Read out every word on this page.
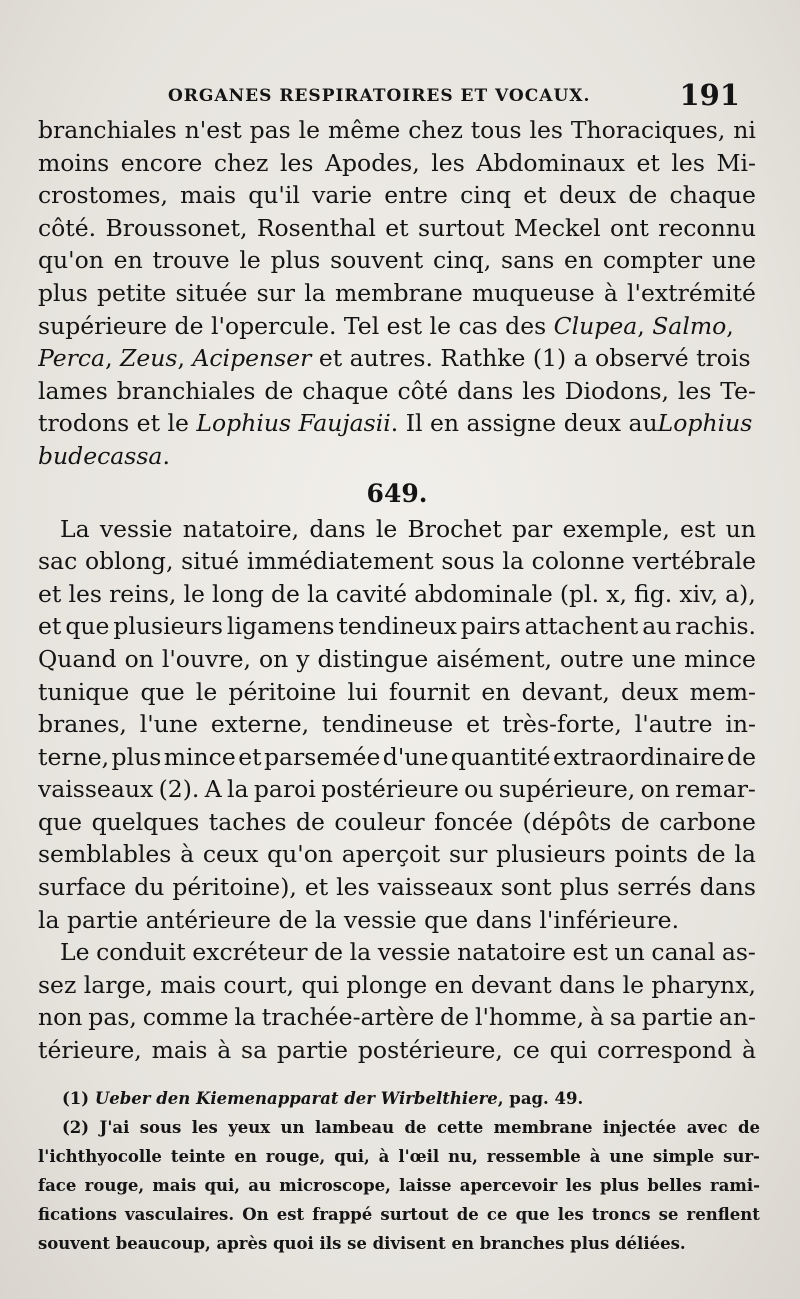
ORGANES RESPIRATOIRES ET VOCAUX.	191
branchiales n'est pas le même chez tous les Thoraciques, ni
moins encore chez les Apodes, les Abdominaux et les Mi-
crostomes, mais qu'il varie entre cinq et deux de chaque
côté. Broussonet, Rosenthal et surtout Meckel ont reconnu
qu'on en trouve le plus souvent cinq, sans en compter une
plus petite située sur la membrane muqueuse à l'extrémité
supérieure de l'opercule. Tel est le cas des
Clupea , Salmo ,
Perca , Zeus , Acipenser et autres. Rathke (1) a observé trois
lames branchiales de chaque côté dans les Diodons, les Te-
trodons et le Lophius Faujasii . Il en assigne deux au Lophius
budecassa .
649.
La vessie natatoire, dans le Brochet par exemple, est un
sac oblong, situé immédiatement sous la colonne vertébrale
et les reins, le long de la cavité abdominale (pl. x, fig. xiv, a),
et que plusieurs ligamens tendineux pairs attachent au rachis.
Quand on l'ouvre, on y distingue aisément, outre une mince
tunique que le péritoine lui fournit en devant, deux mem-
branes, l'une externe, tendineuse et très-forte, l'autre in-
terne, plus mince et parsemée d'une quantité extraordinaire de
vaisseaux (2). A la paroi postérieure ou supérieure, on remar-
que quelques taches de couleur foncée (dépôts de carbone
semblables à ceux qu'on aperçoit sur plusieurs points de la
surface du péritoine), et les vaisseaux sont plus serrés dans
la partie antérieure de la vessie que dans l'inférieure.
Le conduit excréteur de la vessie natatoire est un canal as-
sez large, mais court, qui plonge en devant dans le pharynx,
non pas, comme la trachée-artère de l'homme, à sa partie an-
térieure, mais à sa partie postérieure, ce qui correspond à
(1) Ueber den Kiemenapparat der Wirbelthiere , pag. 49.
(2) J'ai sous les yeux un lambeau de cette membrane injectée avec de
l'ichthyocolle teinte en rouge, qui, à l'œil nu, ressemble à une simple sur-
face rouge, mais qui, au microscope, laisse apercevoir les plus belles rami-
fications vasculaires. On est frappé surtout de ce que les troncs se renflent
souvent beaucoup, après quoi ils se divisent en branches plus déliées.
